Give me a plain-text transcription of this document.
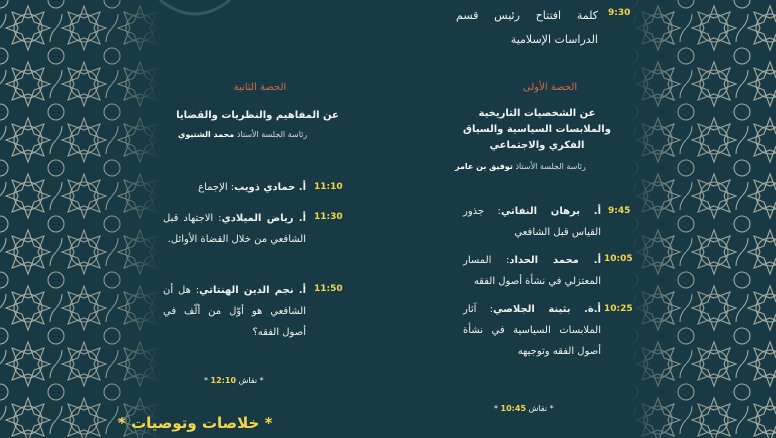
9:30
كلمة افتتاح رئيس قسم الدراسات الإسلامية
الحصة الأولى
عن الشخصيات التاريخية والملابسات السياسية والسياق الفكري والاجتماعي
رئاسة الجلسة الأستاذ توفيق بن عامر
9:45
أ. برهان النفاتي: جذور القياس قبل الشافعي
10:05
أ. محمد الحداد: المسار المعتزلي في نشأة أصول الفقه
10:25
أ.ة. بثينة الجلاصي: آثار الملابسات السياسية في نشأة أصول الفقه وتوجيهه
* 10:45 نقاش *
الحصة الثانية
عن المفاهيم والنظريات والقضايا
رئاسة الجلسة الأستاذ محمد الشتيوي
11:10
أ. حمادي ذويب: الإجماع
11:30
أ. رياض الميلادي: الاجتهاد قبل الشافعي من خلال القضاة الأوائل.
11:50
أ. نجم الدين الهنتاتي: هل أن الشافعي هو أوّل من ألّف في أصول الفقه؟
* 12:10 نقاش *
* خلاصات وتوصيات *
